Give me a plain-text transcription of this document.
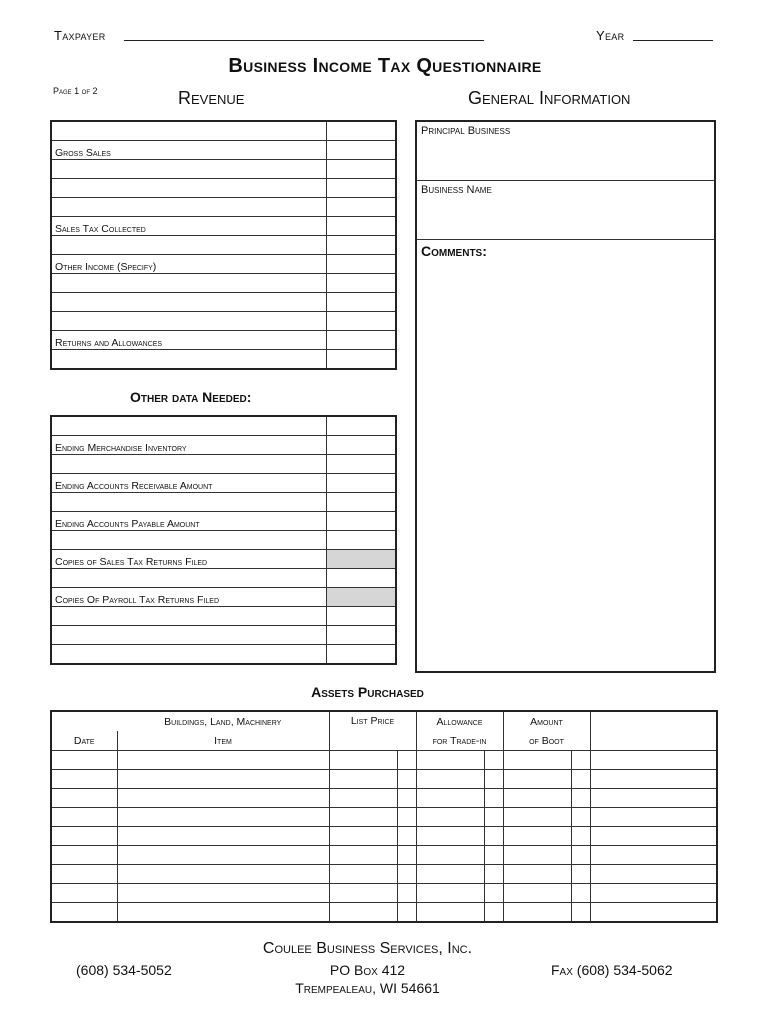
Taxpayer	Year
Business Income Tax Questionnaire
Page 1 of 2	Revenue	General Information

Gross Sales	

Sales Tax Collected	

Other Income (Specify)	

Returns and Allowances	

Other data Needed:

Ending Merchandise Inventory	

Ending Accounts Receivable Amount	

Ending Accounts Payable Amount	

Copies of Sales Tax Returns Filed	

Copies Of Payroll Tax Returns Filed	

Principal Business
Business Name
Comments:
Assets Purchased
	Buildings, Land, Machinery	List Price		Allowance		Amount		
Date	Item			for Trade-in		of Boot		

Coulee Business Services, Inc.
(608) 534-5052	PO Box 412	Fax (608) 534-5062
Trempealeau, WI 54661
